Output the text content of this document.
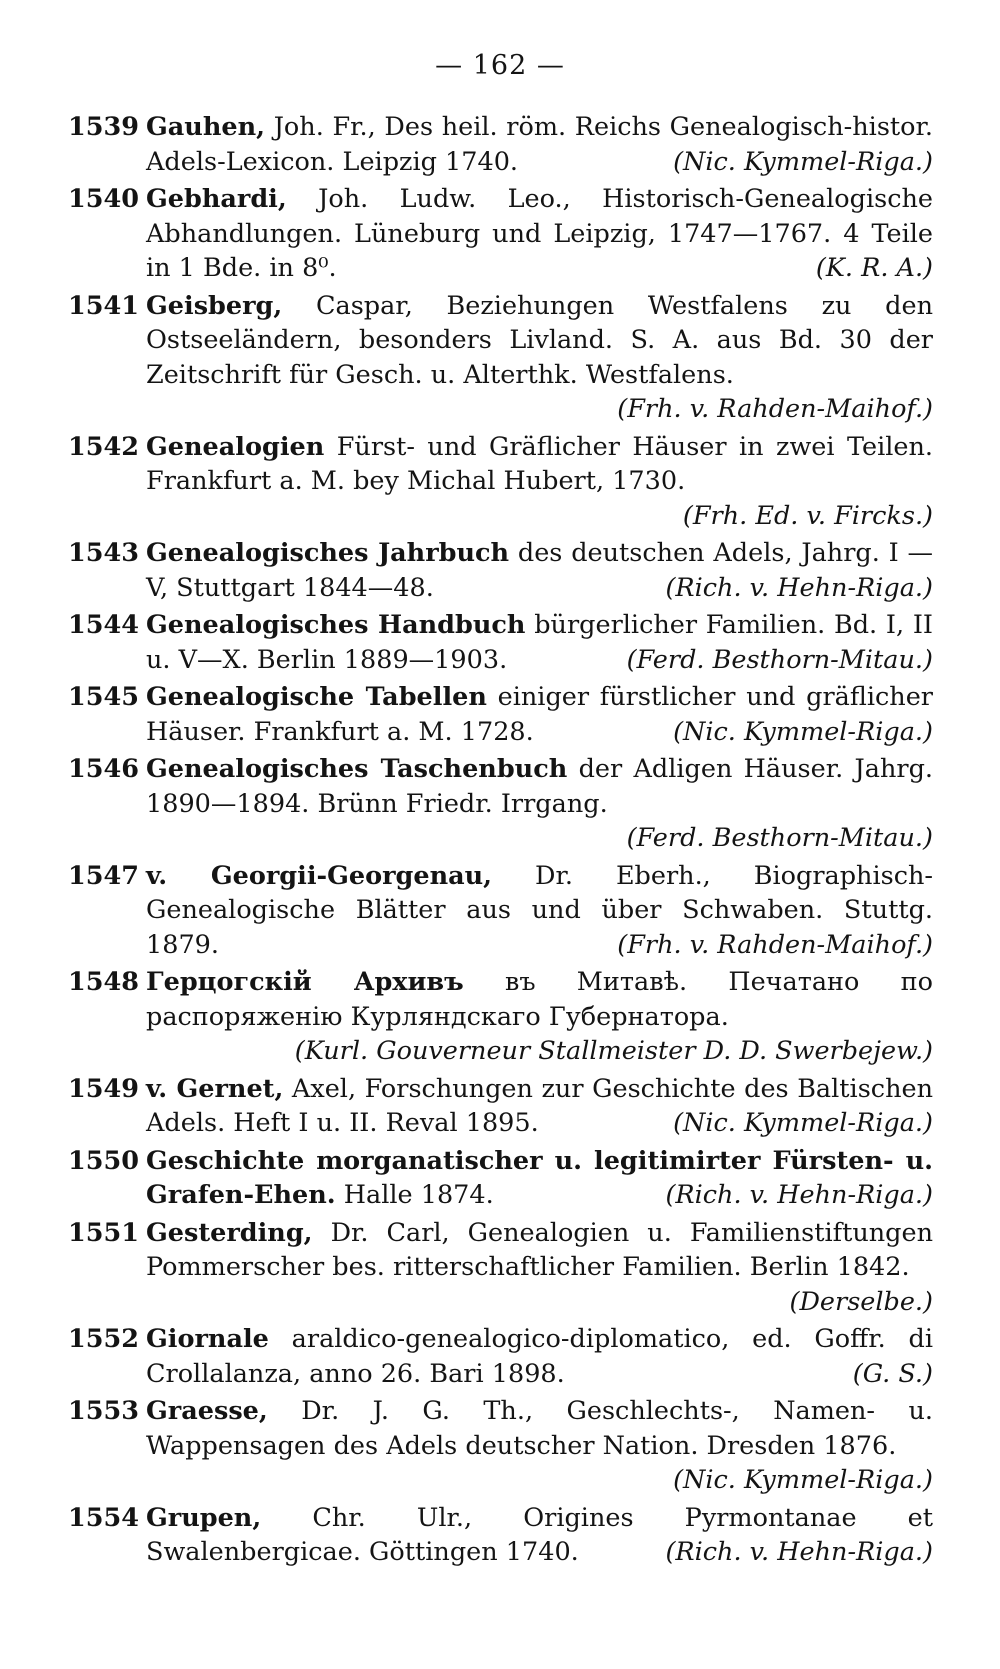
— 162 —
1539 Gauhen, Joh. Fr., Des heil. röm. Reichs Genealogisch-histor. Adels-Lexicon. Leipzig 1740.	(Nic. Kymmel-Riga.)
1540 Gebhardi, Joh. Ludw. Leo., Historisch-Genealogische Abhandlungen. Lüneburg und Leipzig, 1747—1767. 4 Teile in 1 Bde. in 8⁰.	(K. R. A.)
1541 Geisberg, Caspar, Beziehungen Westfalens zu den Ostseeländern, besonders Livland. S. A. aus Bd. 30 der Zeitschrift für Gesch. u. Alterthk. Westfalens.
(Frh. v. Rahden-Maihof.)
1542 Genealogien Fürst- und Gräflicher Häuser in zwei Teilen. Frankfurt a. M. bey Michal Hubert, 1730.
(Frh. Ed. v. Fircks.)
1543 Genealogisches Jahrbuch des deutschen Adels, Jahrg. I — V, Stuttgart 1844—48.	(Rich. v. Hehn-Riga.)
1544 Genealogisches Handbuch bürgerlicher Familien. Bd. I, II u. V—X. Berlin 1889—1903.	(Ferd. Besthorn-Mitau.)
1545 Genealogische Tabellen einiger fürstlicher und gräflicher Häuser. Frankfurt a. M. 1728.	(Nic. Kymmel-Riga.)
1546 Genealogisches Taschenbuch der Adligen Häuser. Jahrg. 1890—1894. Brünn Friedr. Irrgang.
(Ferd. Besthorn-Mitau.)
1547 v. Georgii-Georgenau, Dr. Eberh., Biographisch-Genealogische Blätter aus und über Schwaben. Stuttg. 1879.	(Frh. v. Rahden-Maihof.)
1548 Герцогскій Архивъ въ Митавѣ. Печатано по распоряженію Курляндскаго Губернатора.
(Kurl. Gouverneur Stallmeister D. D. Swerbejew.)
1549 v. Gernet, Axel, Forschungen zur Geschichte des Baltischen Adels. Heft I u. II. Reval 1895.	(Nic. Kymmel-Riga.)
1550 Geschichte morganatischer u. legitimirter Fürsten- u. Grafen-Ehen. Halle 1874.	(Rich. v. Hehn-Riga.)
1551 Gesterding, Dr. Carl, Genealogien u. Familienstiftungen Pommerscher bes. ritterschaftlicher Familien. Berlin 1842.
(Derselbe.)
1552 Giornale araldico-genealogico-diplomatico, ed. Goffr. di Crollalanza, anno 26. Bari 1898.	(G. S.)
1553 Graesse, Dr. J. G. Th., Geschlechts-, Namen- u. Wappensagen des Adels deutscher Nation. Dresden 1876.
(Nic. Kymmel-Riga.)
1554 Grupen, Chr. Ulr., Origines Pyrmontanae et Swalenbergicae. Göttingen 1740.	(Rich. v. Hehn-Riga.)
